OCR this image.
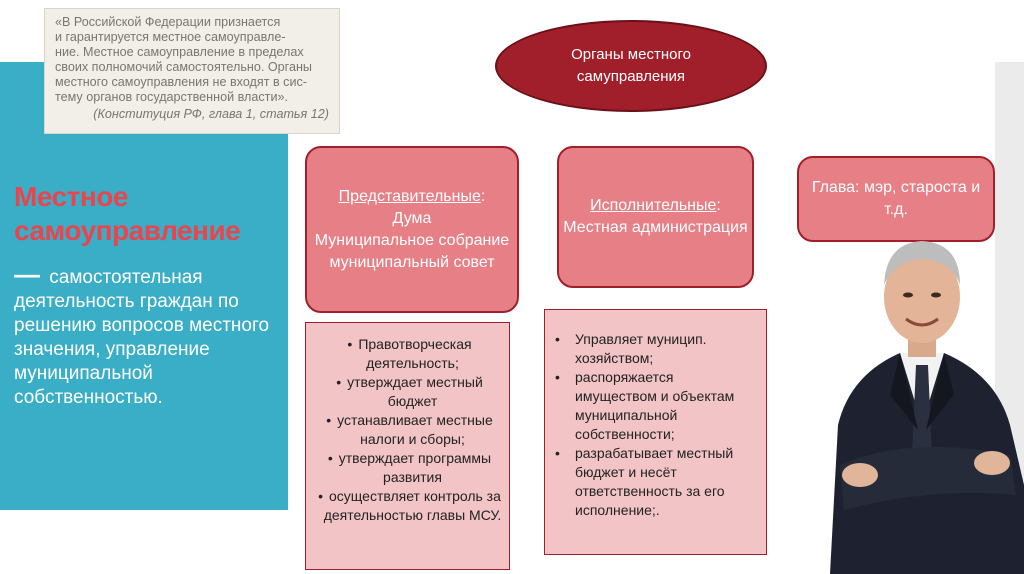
«В Российской Федерации признается
и гарантируется местное самоуправле-
ние. Местное самоуправление в пределах
своих полномочий самостоятельно. Органы
местного самоуправления не входят в сис-
тему органов государственной власти».
(Конституция РФ, глава 1, статья 12)
Местное самоуправление
— самостоятельная деятельность граждан по решению вопросов местного значения, управление муниципальной собственностью.
Органы местного самуправления
Представительные:
Дума
Муниципальное собрание
муниципальный совет
Исполнительные:
Местная администрация
Глава: мэр, староста и т.д.
• Правотворческая деятельность;
• утверждает местный бюджет
• устанавливает местные налоги и сборы;
• утверждает программы развития
• осуществляет контроль за деятельностью главы МСУ.
• Управляет муницип. хозяйством;
• распоряжается имуществом и объектам муниципальной собственности;
• разрабатывает местный бюджет и несёт ответственность за его исполнение;.
